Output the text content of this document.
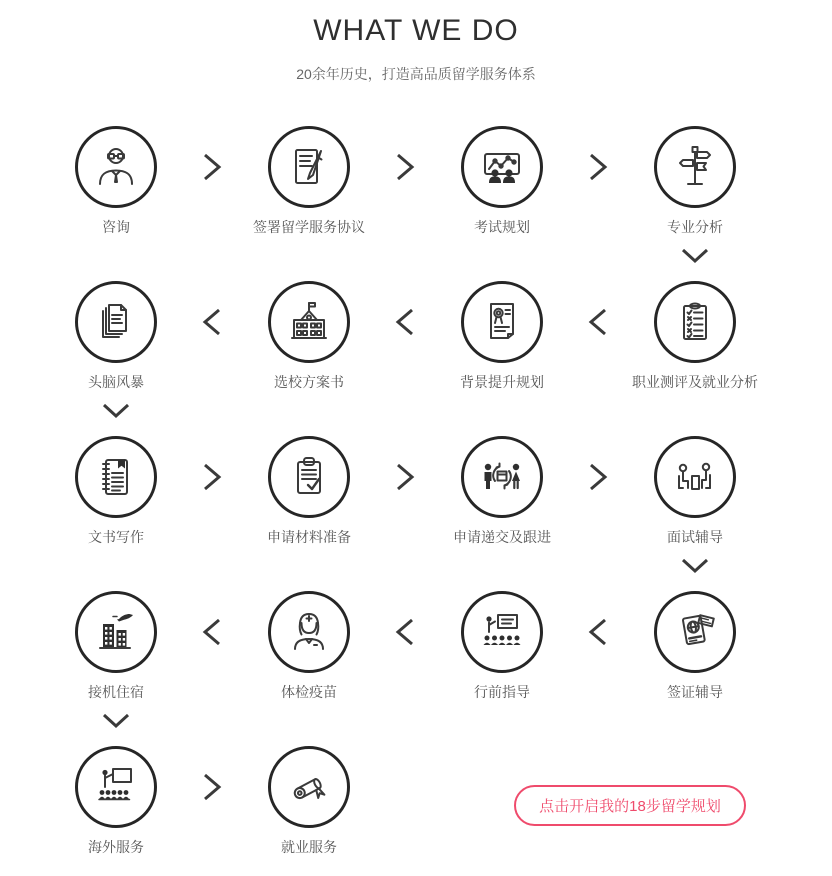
WHAT WE DO
20余年历史，打造高品质留学服务体系
咨询	签署留学服务协议	考试规划	专业分析
头脑风暴	选校方案书	背景提升规划	职业测评及就业分析
文书写作	申请材料准备	申请递交及跟进	面试辅导
接机住宿	体检疫苗	行前指导	签证辅导
海外服务	就业服务
点击开启我的18步留学规划
